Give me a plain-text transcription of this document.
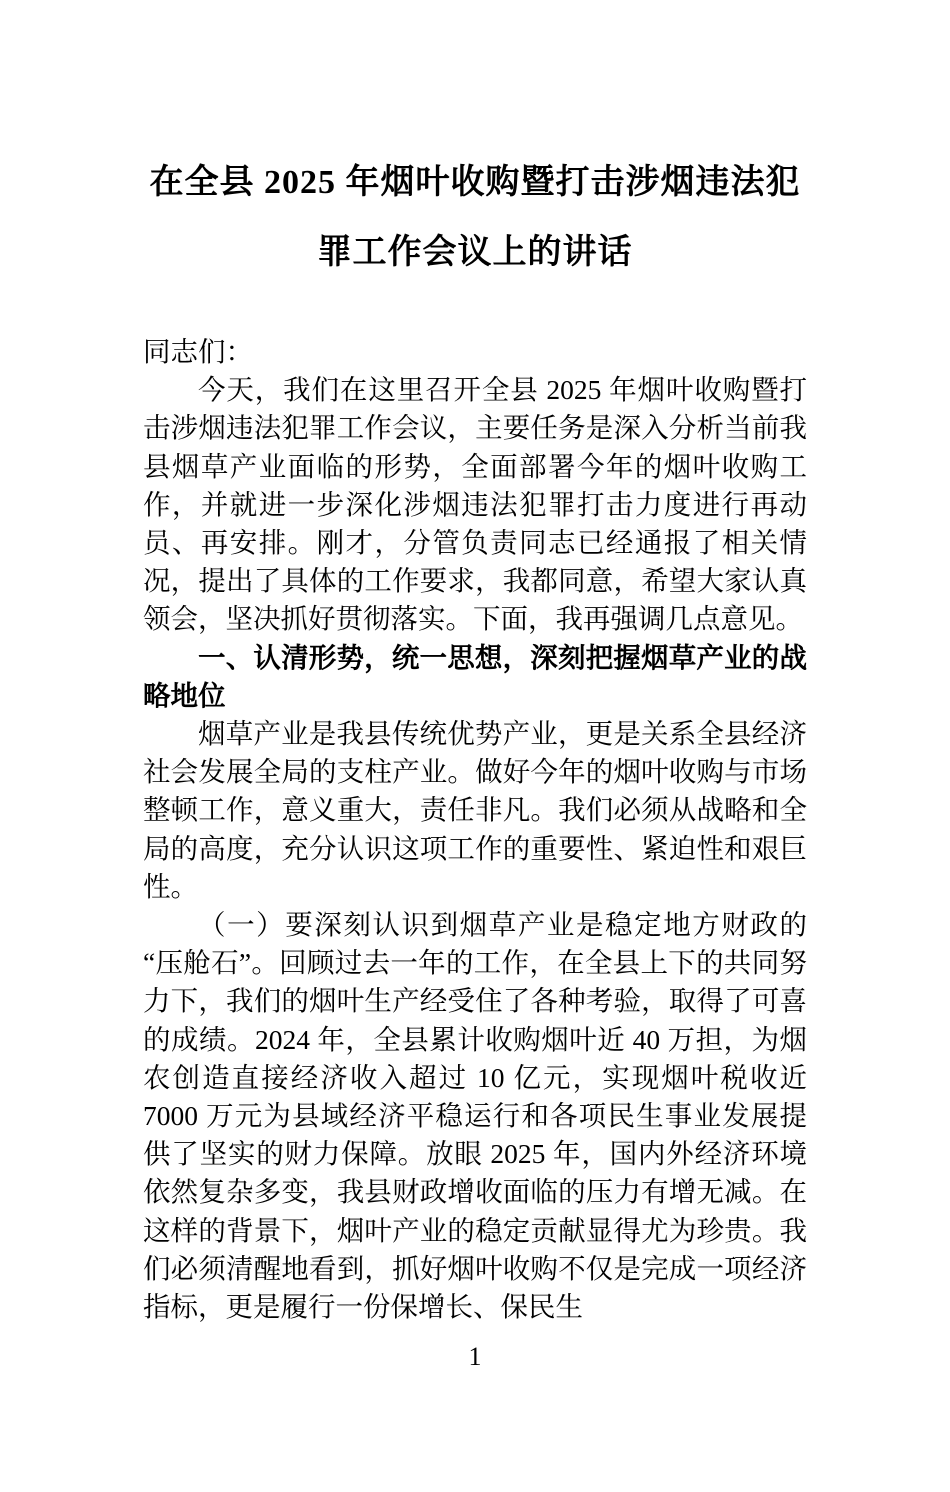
在全县 2025 年烟叶收购暨打击涉烟违法犯
罪工作会议上的讲话

同志们：

今天，我们在这里召开全县 2025 年烟叶收购暨打击涉烟违法犯罪工作会议，主要任务是深入分析当前我县烟草产业面临的形势，全面部署今年的烟叶收购工作，并就进一步深化涉烟违法犯罪打击力度进行再动员、再安排。刚才，分管负责同志已经通报了相关情况，提出了具体的工作要求，我都同意，希望大家认真领会，坚决抓好贯彻落实。下面，我再强调几点意见。

一、认清形势，统一思想，深刻把握烟草产业的战略地位

烟草产业是我县传统优势产业，更是关系全县经济社会发展全局的支柱产业。做好今年的烟叶收购与市场整顿工作，意义重大，责任非凡。我们必须从战略和全局的高度，充分认识这项工作的重要性、紧迫性和艰巨性。

（一）要深刻认识到烟草产业是稳定地方财政的“压舱石”。回顾过去一年的工作，在全县上下的共同努力下，我们的烟叶生产经受住了各种考验，取得了可喜的成绩。2024 年，全县累计收购烟叶近 40 万担，为烟农创造直接经济收入超过 10 亿元，实现烟叶税收近 7000 万元为县域经济平稳运行和各项民生事业发展提供了坚实的财力保障。放眼 2025 年，国内外经济环境依然复杂多变，我县财政增收面临的压力有增无减。在这样的背景下，烟叶产业的稳定贡献显得尤为珍贵。我们必须清醒地看到，抓好烟叶收购不仅是完成一项经济指标，更是履行一份保增长、保民生

1
